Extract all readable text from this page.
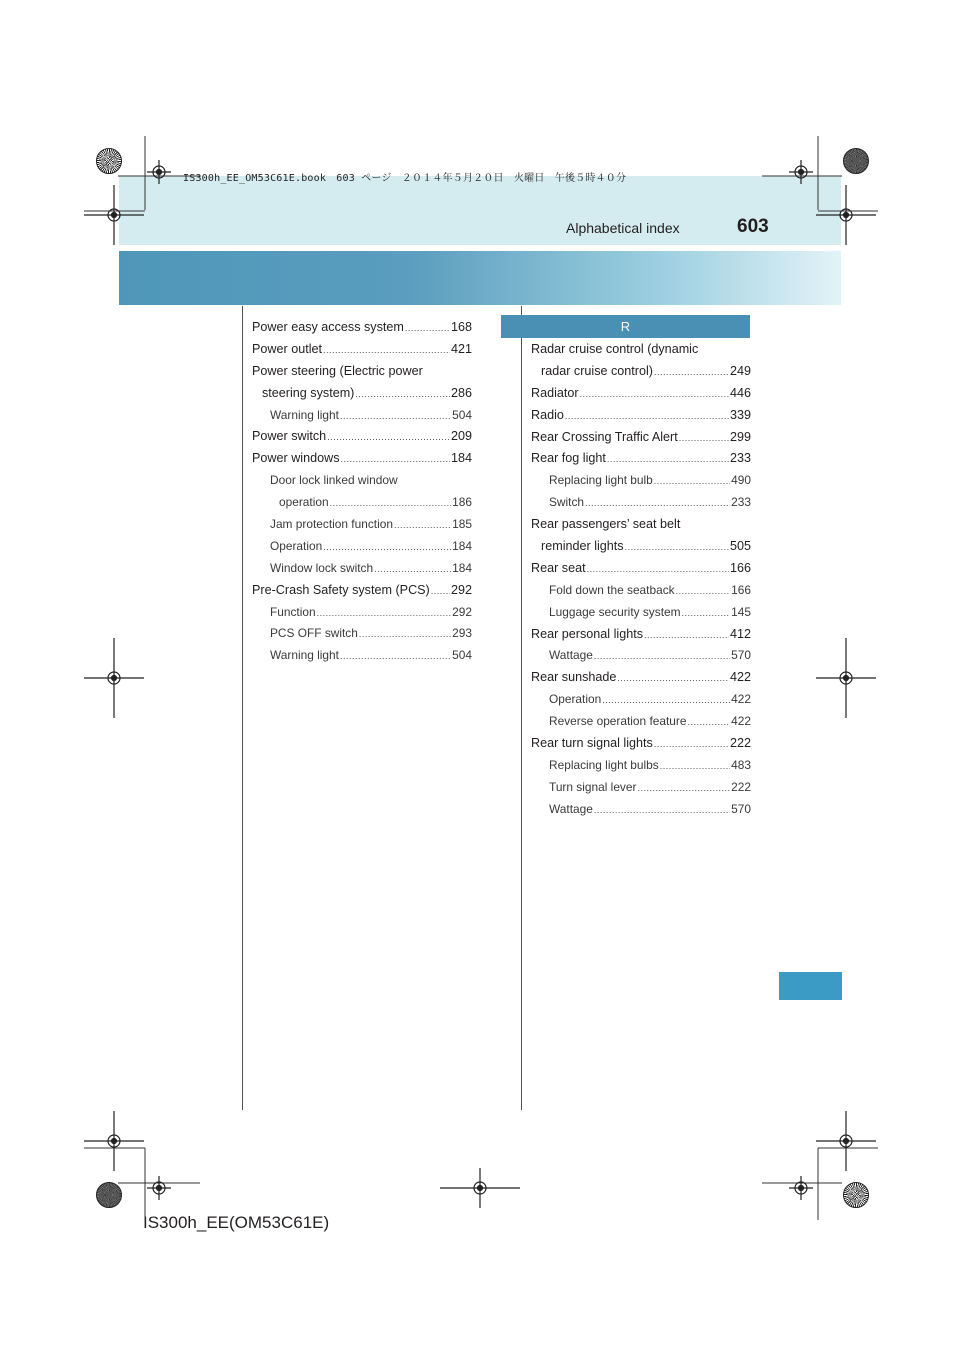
IS300h_EE_OM53C61E.book　603 ページ　２０１４年５月２０日　火曜日　午後５時４０分
Alphabetical index	603
Power easy access system .....	168
Power outlet .....	421
Power steering (Electric power
steering system) .....	286
Warning light .....	504
Power switch .....	209
Power windows .....	184
Door lock linked window
operation .....	186
Jam protection function .....	185
Operation .....	184
Window lock switch .....	184
Pre-Crash Safety system (PCS) ..... 292
Function .....	292
PCS OFF switch .....	293
Warning light .....	504
R
Radar cruise control (dynamic
radar cruise control) .....	249
Radiator .....	446
Radio .....	339
Rear Crossing Traffic Alert .....	299
Rear fog light .....	233
Replacing light bulb .....	490
Switch .....	233
Rear passengers’ seat belt
reminder lights .....	505
Rear seat .....	166
Fold down the seatback .....	166
Luggage security system .....	145
Rear personal lights .....	412
Wattage .....	570
Rear sunshade .....	422
Operation .....	422
Reverse operation feature .....	422
Rear turn signal lights .....	222
Replacing light bulbs .....	483
Turn signal lever .....	222
Wattage .....	570
IS300h_EE(OM53C61E)
